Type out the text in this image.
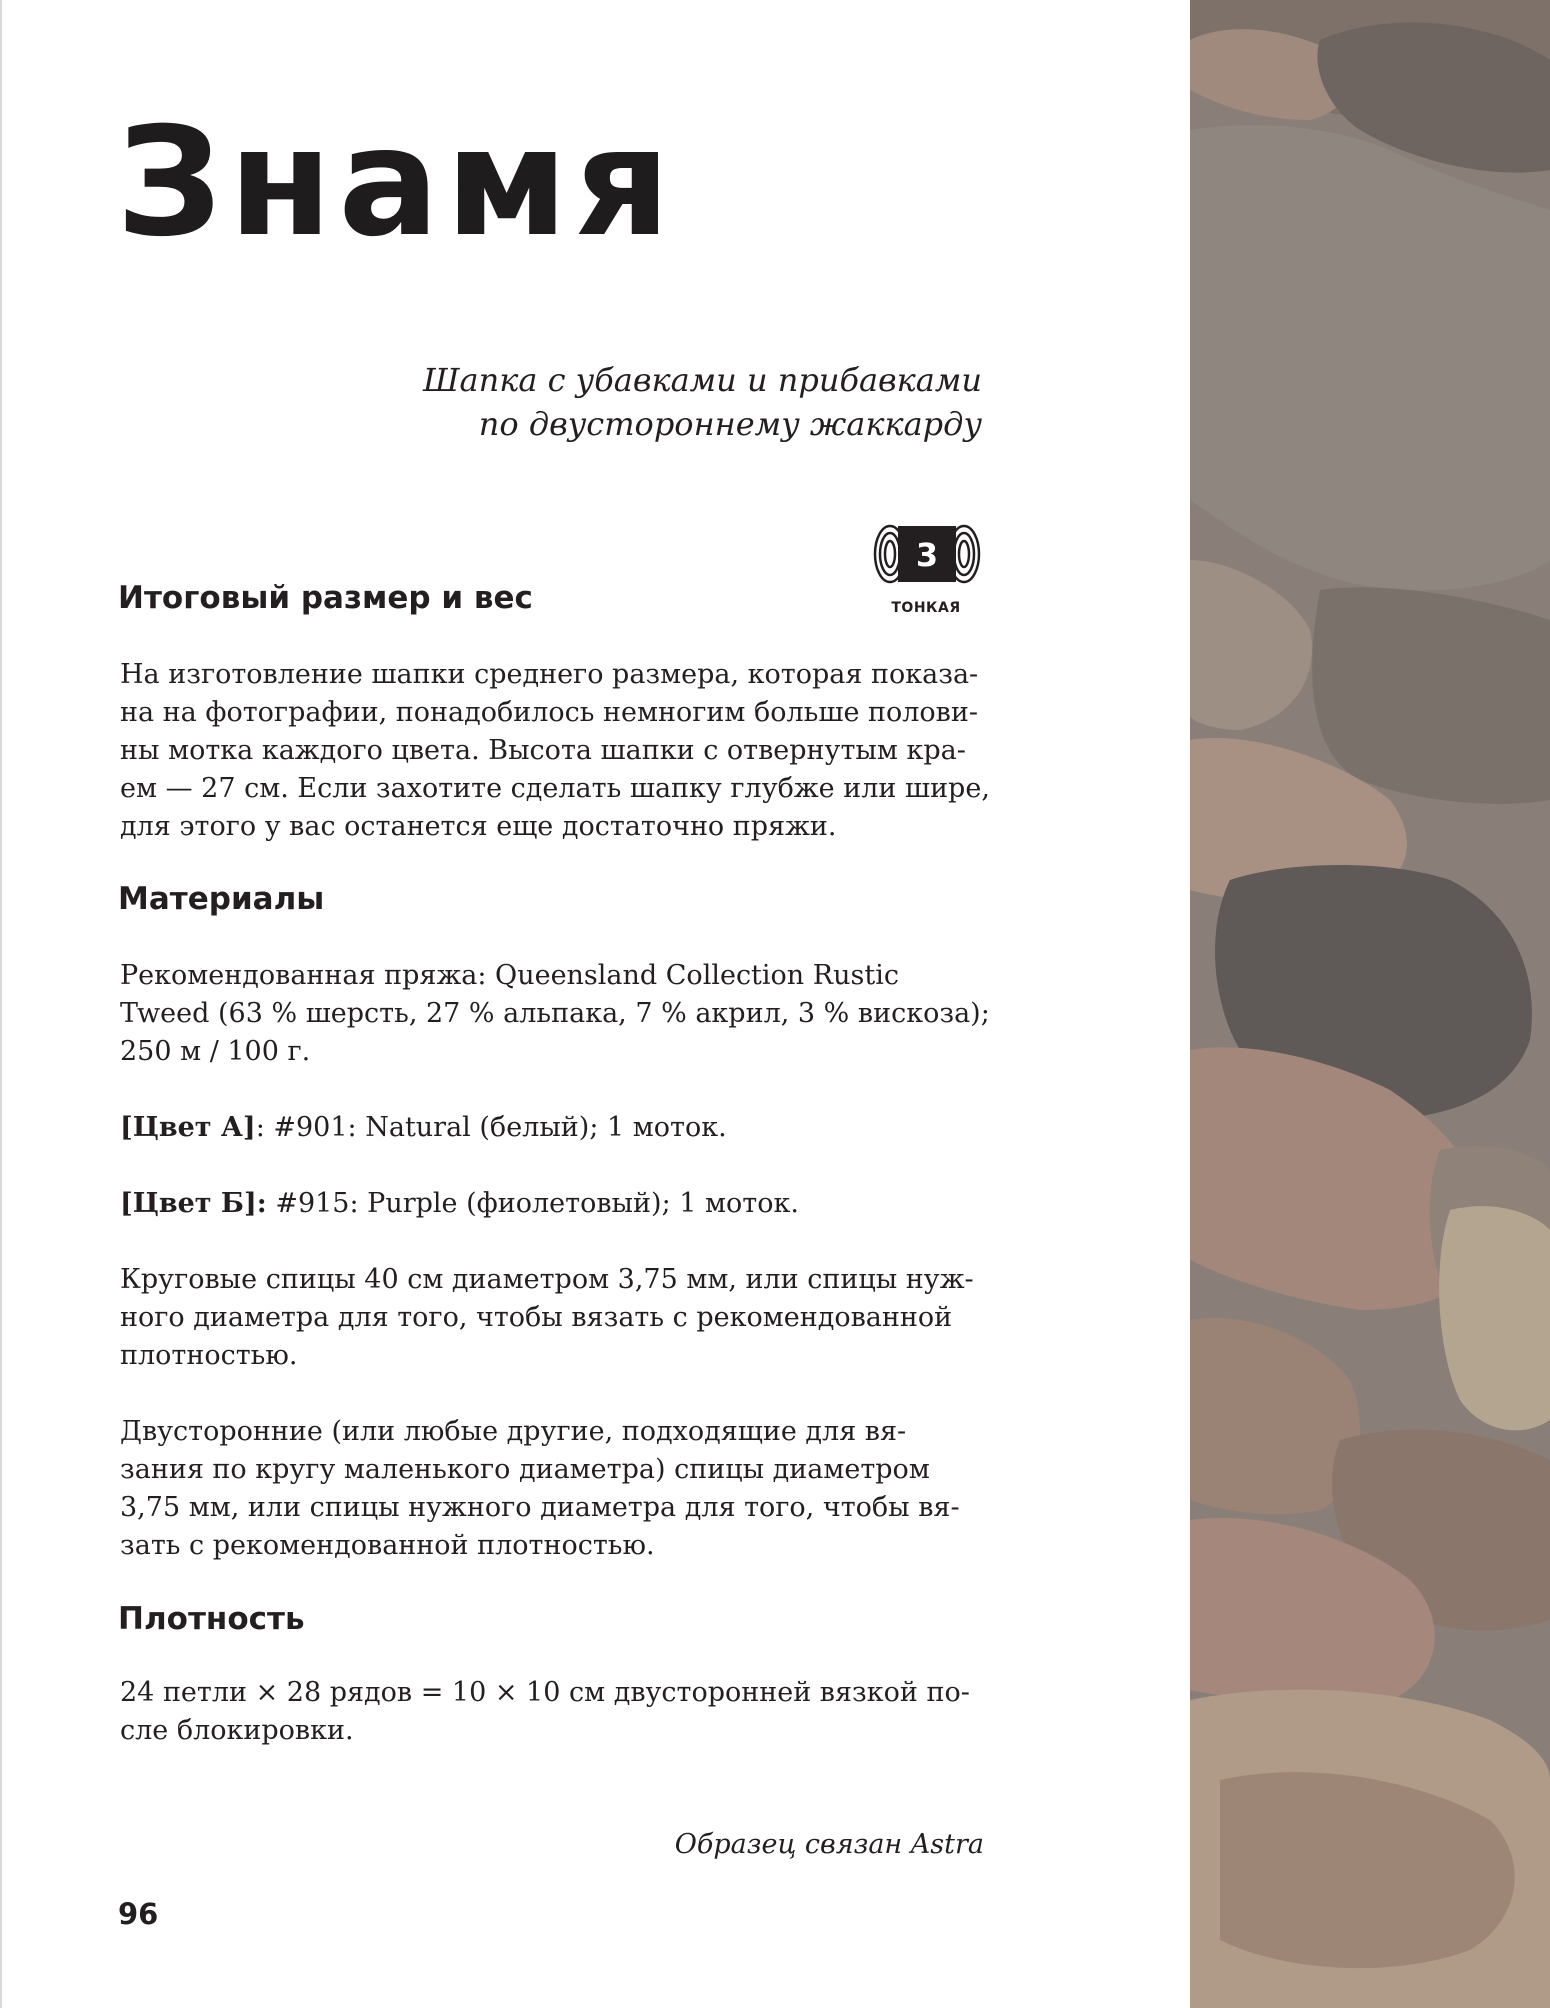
Знамя
Шапка с убавками и прибавками
по двустороннему жаккарду
3
ТОНКАЯ
Итоговый размер и вес
На изготовление шапки среднего размера, которая показа-
на на фотографии, понадобилось немногим больше полови-
ны мотка каждого цвета. Высота шапки с отвернутым кра-
ем — 27 см. Если захотите сделать шапку глубже или шире,
для этого у вас останется еще достаточно пряжи.
Материалы
Рекомендованная пряжа: Queensland Collection Rustic
Tweed (63 % шерсть, 27 % альпака, 7 % акрил, 3 % вискоза);
250 м / 100 г.
[Цвет А]: #901: Natural (белый); 1 моток.
[Цвет Б]: #915: Purple (фиолетовый); 1 моток.
Круговые спицы 40 см диаметром 3,75 мм, или спицы нуж-
ного диаметра для того, чтобы вязать с рекомендованной
плотностью.
Двусторонние (или любые другие, подходящие для вя-
зания по кругу маленького диаметра) спицы диаметром
3,75 мм, или спицы нужного диаметра для того, чтобы вя-
зать с рекомендованной плотностью.
Плотность
24 петли × 28 рядов = 10 × 10 см двусторонней вязкой по-
сле блокировки.
Образец связан Astra
96
